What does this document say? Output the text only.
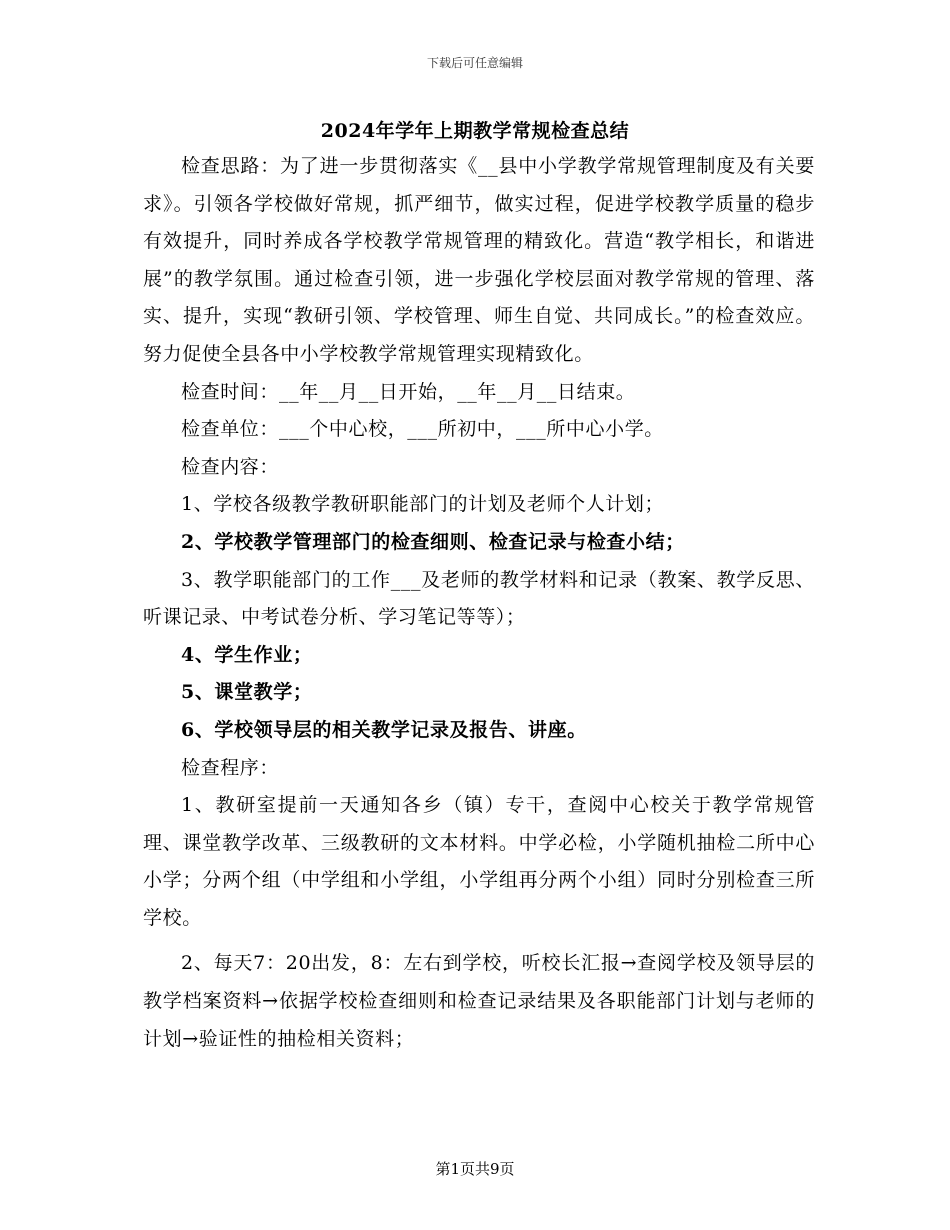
下载后可任意编辑
2024年学年上期教学常规检查总结

检查思路：为了进一步贯彻落实《__县中小学教学常规管理制度及有关要求》。引领各学校做好常规，抓严细节，做实过程，促进学校教学质量的稳步有效提升，同时养成各学校教学常规管理的精致化。营造“教学相长，和谐进展”的教学氛围。通过检查引领，进一步强化学校层面对教学常规的管理、落实、提升，实现“教研引领、学校管理、师生自觉、共同成长。”的检查效应。努力促使全县各中小学校教学常规管理实现精致化。

检查时间：__年__月__日开始，__年__月__日结束。

检查单位：___个中心校，___所初中，___所中心小学。

检查内容：

1、学校各级教学教研职能部门的计划及老师个人计划；

2、学校教学管理部门的检查细则、检查记录与检查小结；

3、教学职能部门的工作___及老师的教学材料和记录（教案、教学反思、听课记录、中考试卷分析、学习笔记等等）；

4、学生作业；

5、课堂教学；

6、学校领导层的相关教学记录及报告、讲座。

检查程序：

1、教研室提前一天通知各乡（镇）专干，查阅中心校关于教学常规管理、课堂教学改革、三级教研的文本材料。中学必检，小学随机抽检二所中心小学；分两个组（中学组和小学组，小学组再分两个小组）同时分别检查三所学校。

2、每天7：20出发，8：左右到学校，听校长汇报→查阅学校及领导层的教学档案资料→依据学校检查细则和检查记录结果及各职能部门计划与老师的计划→验证性的抽检相关资料；

第1页共9页
